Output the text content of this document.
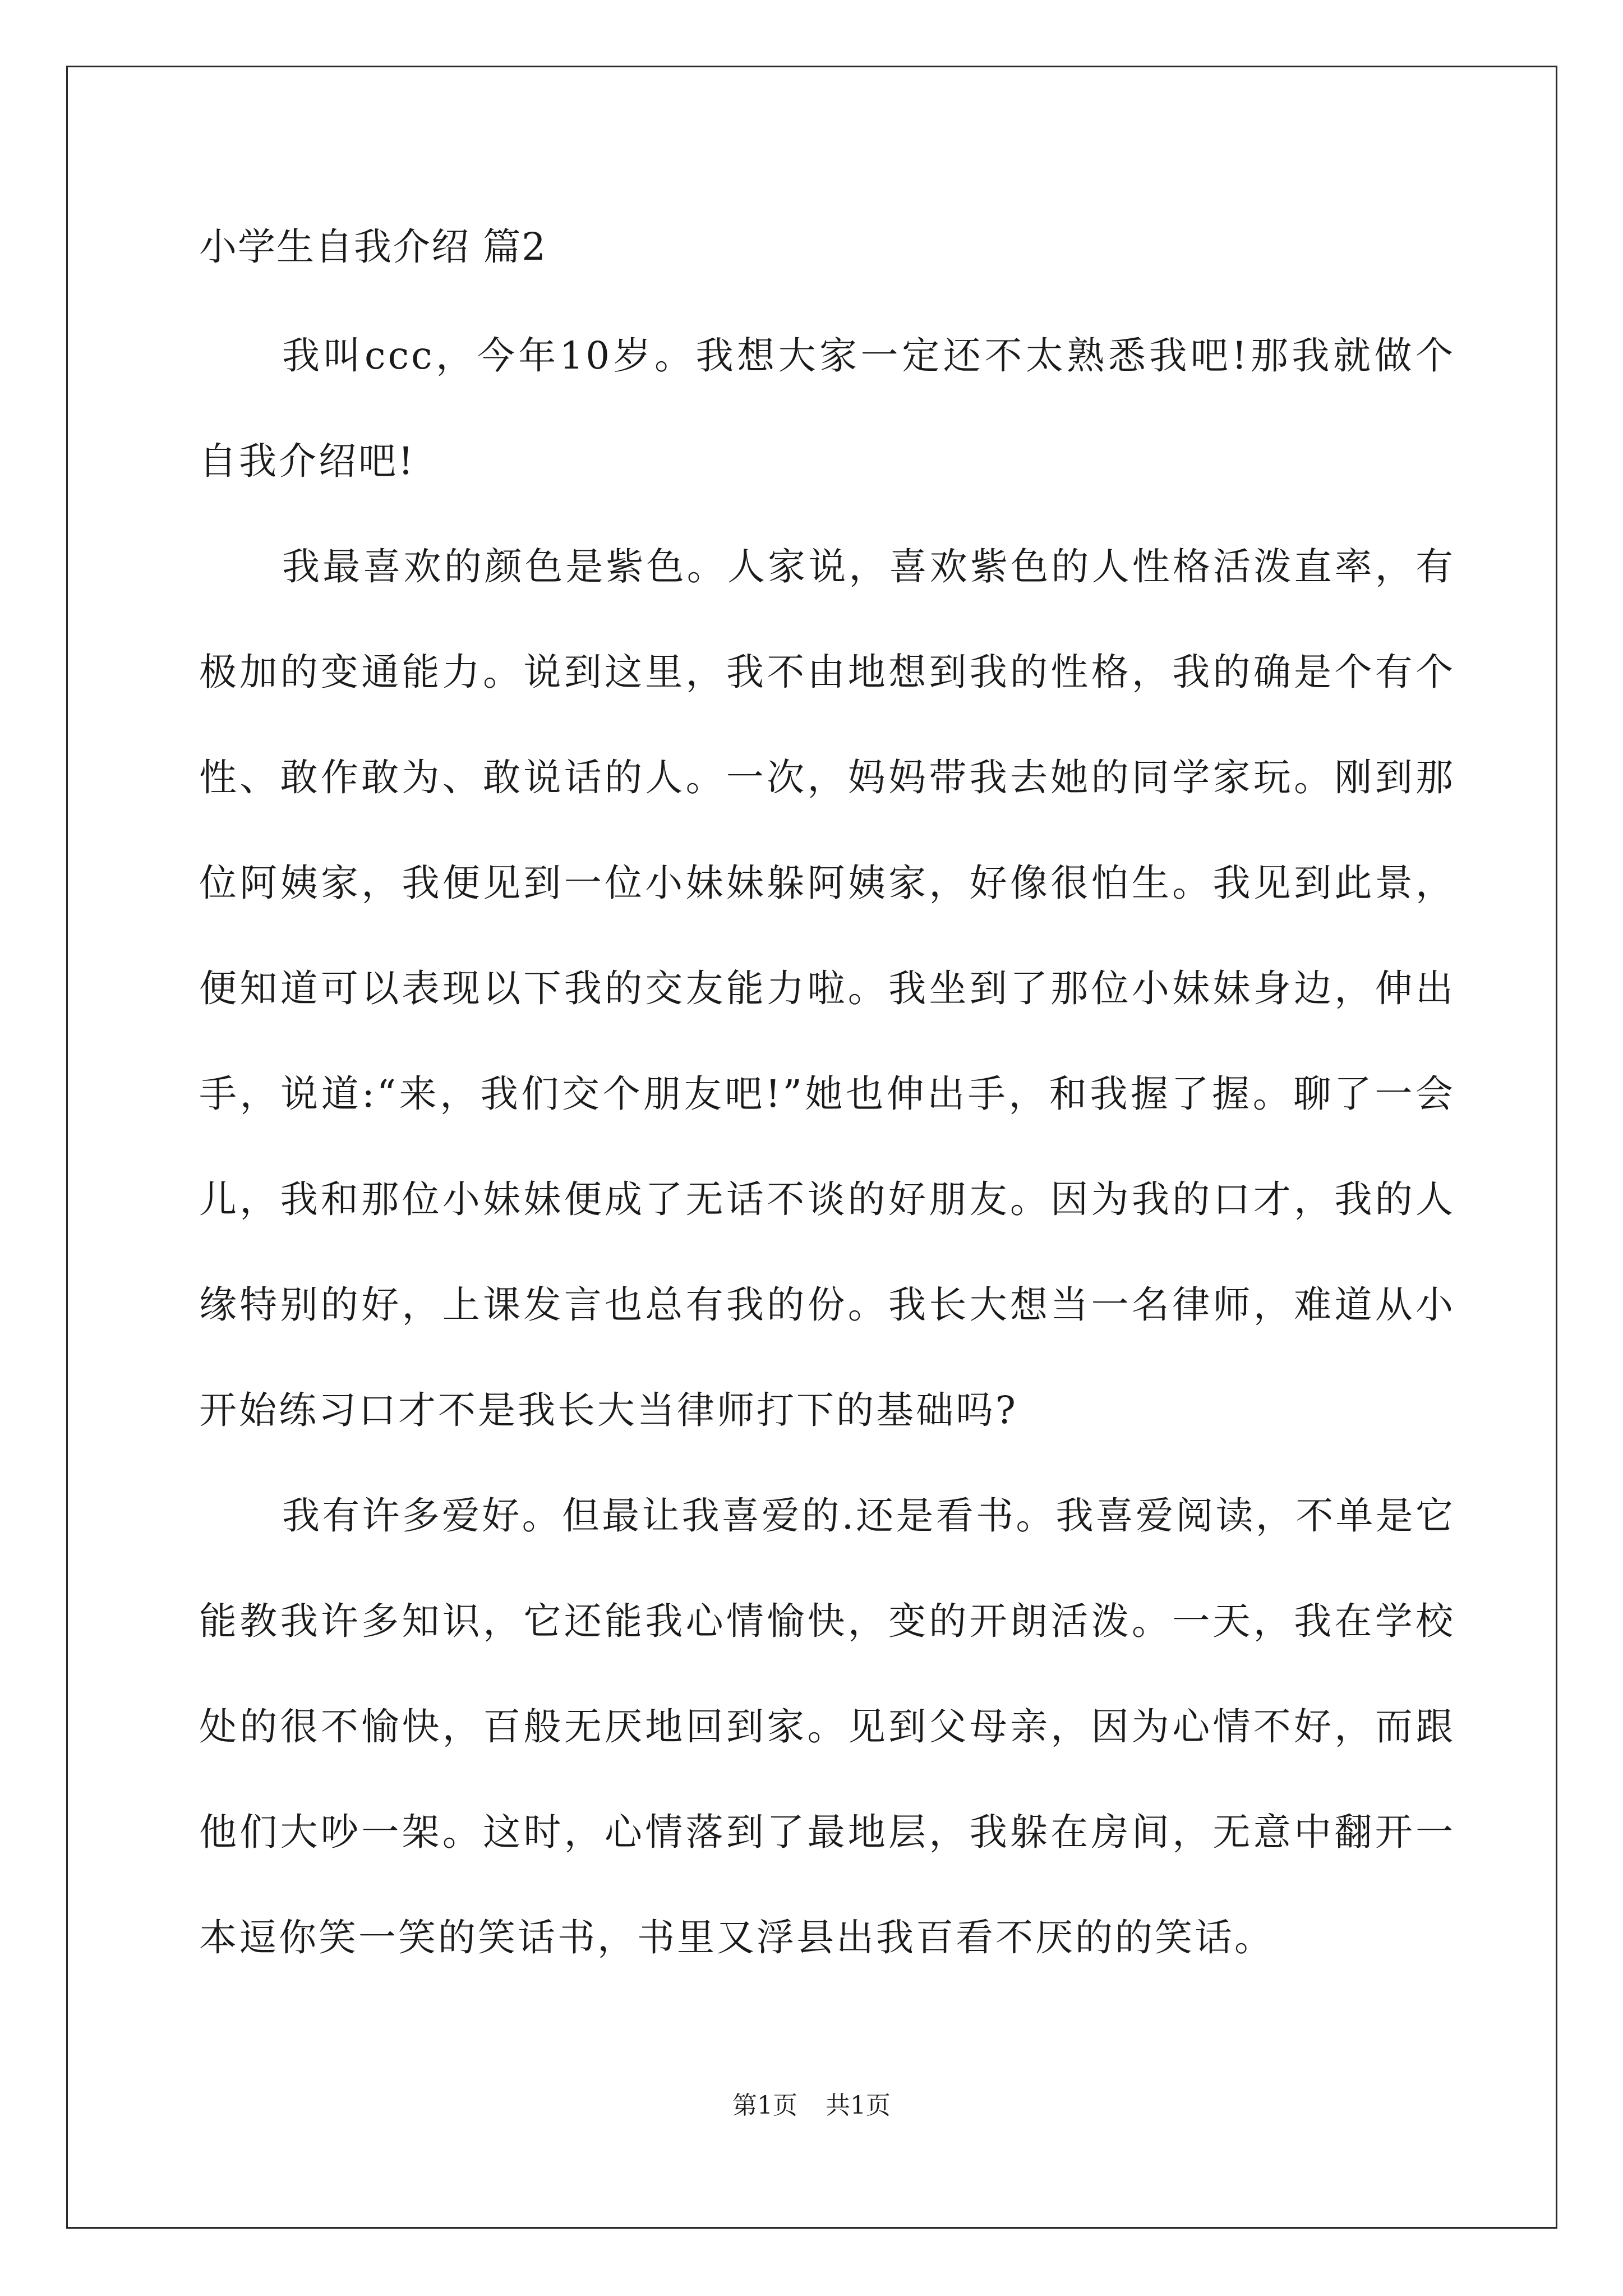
小学生自我介绍 篇2

我叫ccc，今年10岁。我想大家一定还不太熟悉我吧!那我就做个自我介绍吧!

我最喜欢的颜色是紫色。人家说，喜欢紫色的人性格活泼直率，有极加的变通能力。说到这里，我不由地想到我的性格，我的确是个有个性、敢作敢为、敢说话的人。一次，妈妈带我去她的同学家玩。刚到那位阿姨家，我便见到一位小妹妹躲阿姨家，好像很怕生。我见到此景，便知道可以表现以下我的交友能力啦。我坐到了那位小妹妹身边，伸出手，说道:“来，我们交个朋友吧!”她也伸出手，和我握了握。聊了一会儿，我和那位小妹妹便成了无话不谈的好朋友。因为我的口才，我的人缘特别的好，上课发言也总有我的份。我长大想当一名律师，难道从小开始练习口才不是我长大当律师打下的基础吗?

我有许多爱好。但最让我喜爱的.还是看书。我喜爱阅读，不单是它能教我许多知识，它还能我心情愉快，变的开朗活泼。一天，我在学校处的很不愉快，百般无厌地回到家。见到父母亲，因为心情不好，而跟他们大吵一架。这时，心情落到了最地层，我躲在房间，无意中翻开一本逗你笑一笑的笑话书，书里又浮县出我百看不厌的的笑话。

第1页 共1页
